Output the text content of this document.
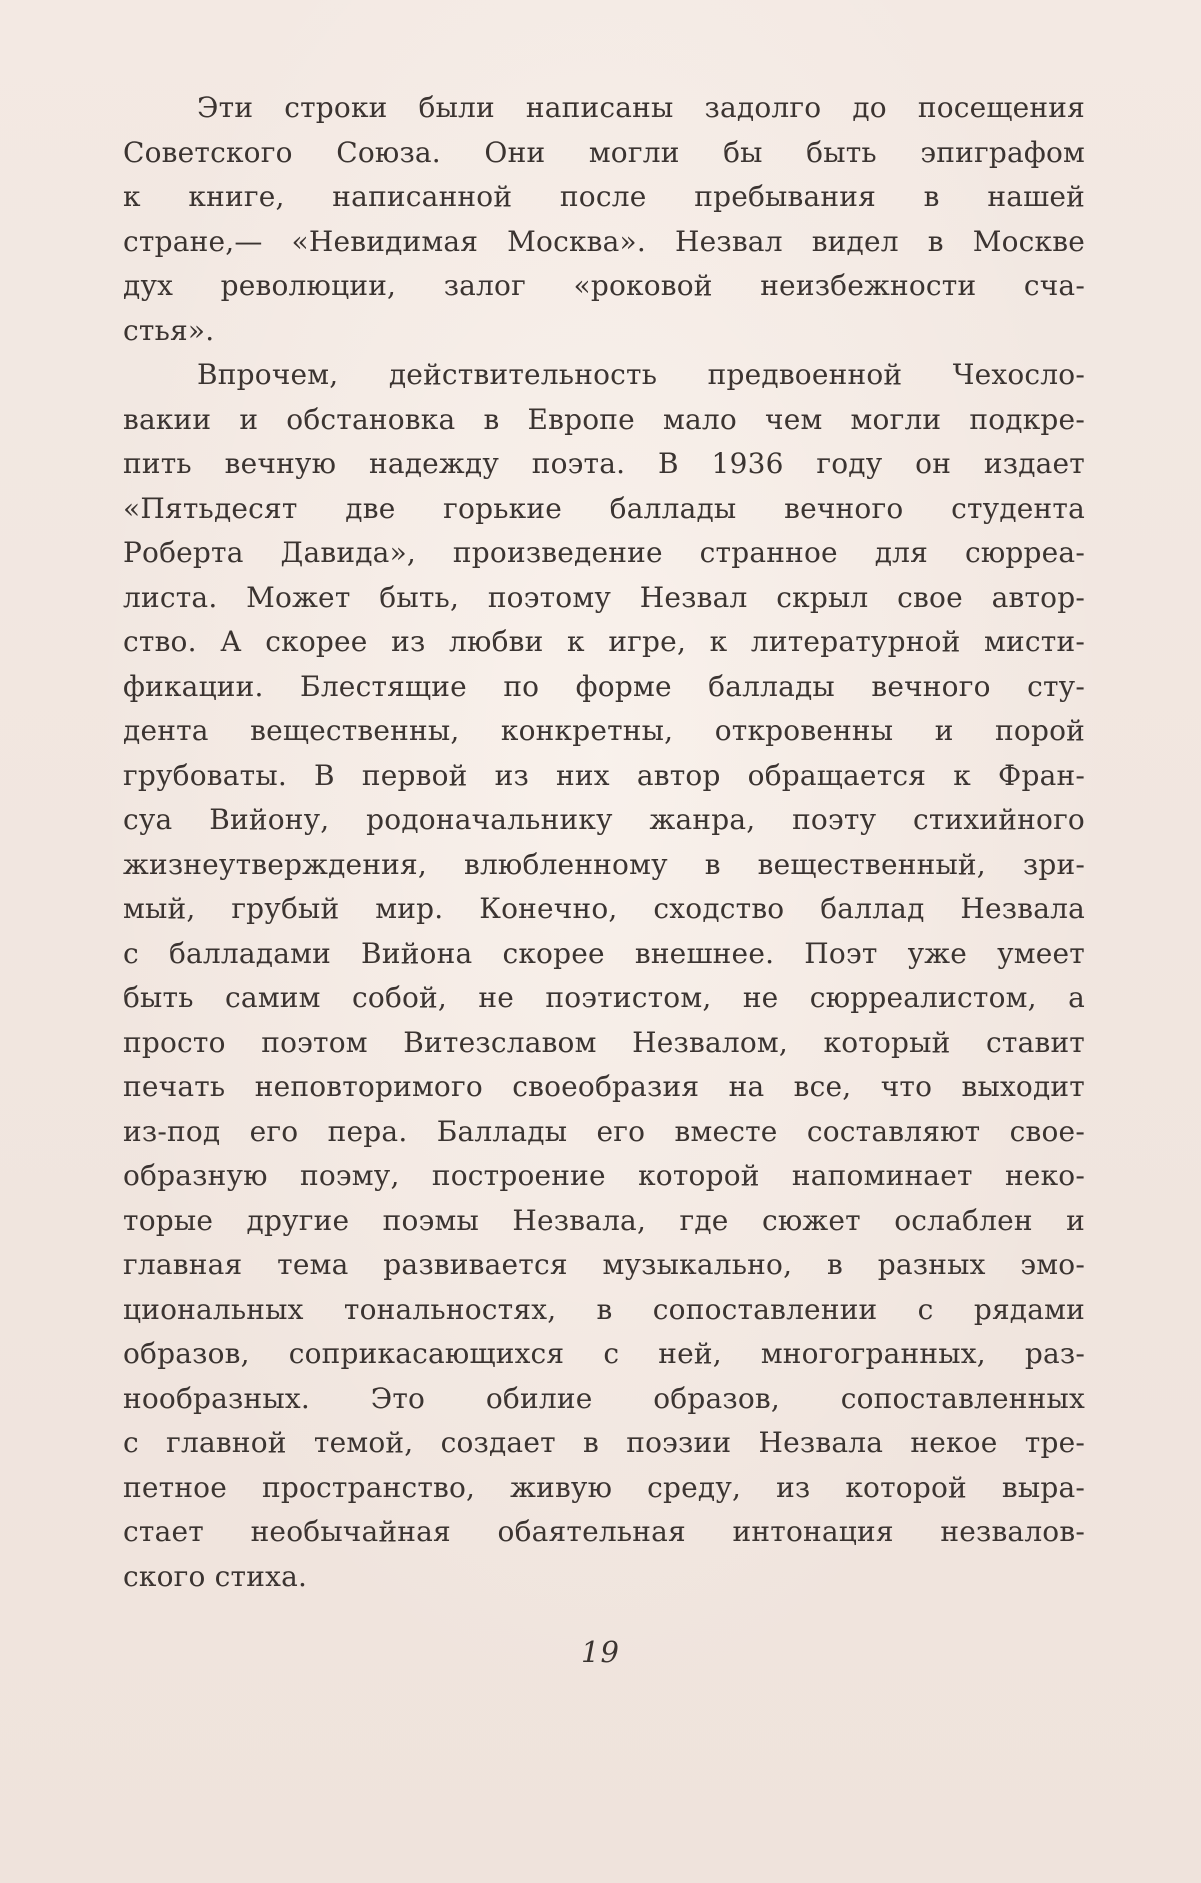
Эти строки были написаны задолго до посещения
Советского Союза. Они могли бы быть эпиграфом
к книге, написанной после пребывания в нашей
стране,— «Невидимая Москва». Незвал видел в Москве
дух революции, залог «роковой неизбежности сча-
стья».
Впрочем, действительность предвоенной Чехосло-
вакии и обстановка в Европе мало чем могли подкре-
пить вечную надежду поэта. В 1936 году он издает
«Пятьдесят две горькие баллады вечного студента
Роберта Давида», произведение странное для сюрреа-
листа. Может быть, поэтому Незвал скрыл свое автор-
ство. А скорее из любви к игре, к литературной мисти-
фикации. Блестящие по форме баллады вечного сту-
дента вещественны, конкретны, откровенны и порой
грубоваты. В первой из них автор обращается к Фран-
суа Вийону, родоначальнику жанра, поэту стихийного
жизнеутверждения, влюбленному в вещественный, зри-
мый, грубый мир. Конечно, сходство баллад Незвала
с балладами Вийона скорее внешнее. Поэт уже умеет
быть самим собой, не поэтистом, не сюрреалистом, а
просто поэтом Витезславом Незвалом, который ставит
печать неповторимого своеобразия на все, что выходит
из-под его пера. Баллады его вместе составляют свое-
образную поэму, построение которой напоминает неко-
торые другие поэмы Незвала, где сюжет ослаблен и
главная тема развивается музыкально, в разных эмо-
циональных тональностях, в сопоставлении с рядами
образов, соприкасающихся с ней, многогранных, раз-
нообразных. Это обилие образов, сопоставленных
с главной темой, создает в поэзии Незвала некое тре-
петное пространство, живую среду, из которой выра-
стает необычайная обаятельная интонация незвалов-
ского стиха.
19
